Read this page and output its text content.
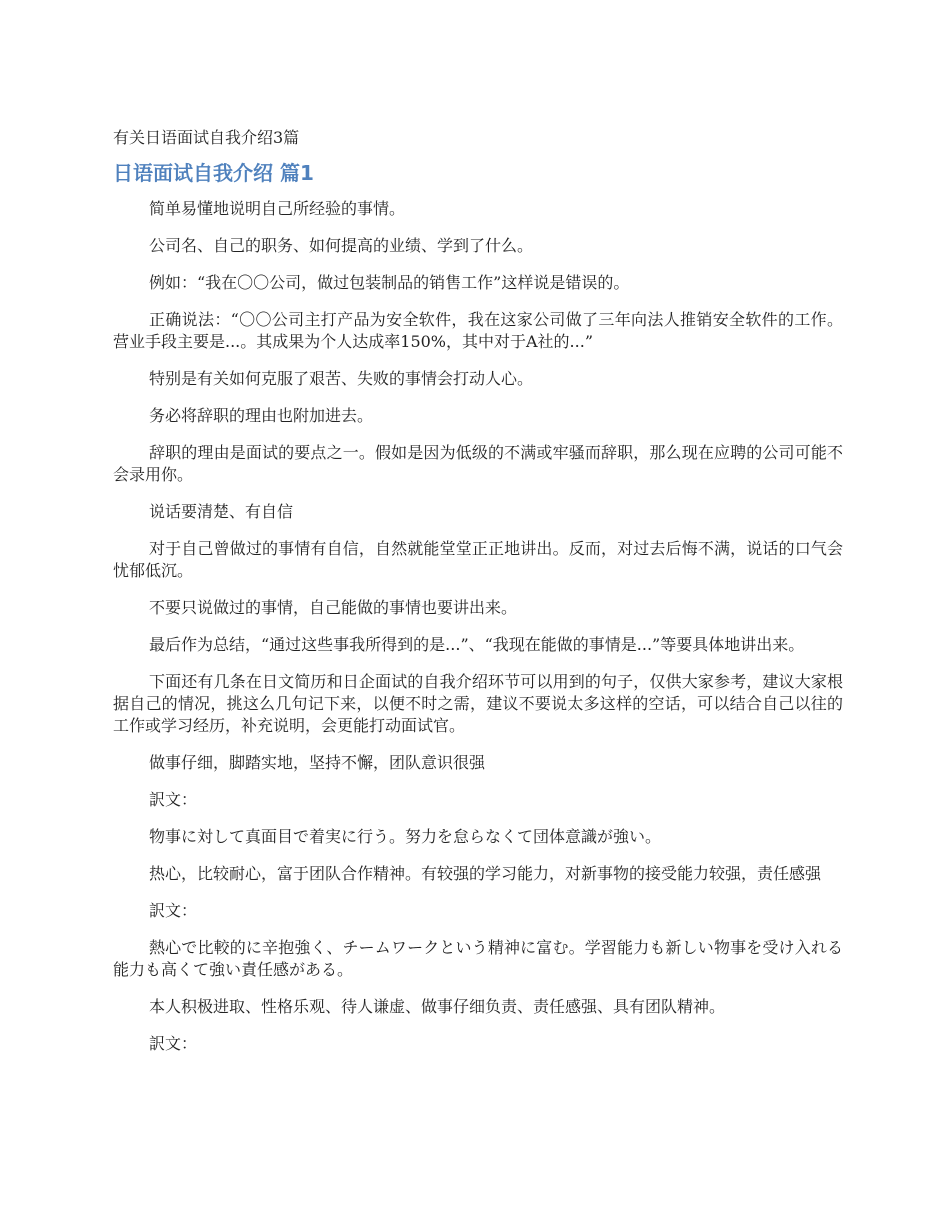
有关日语面试自我介绍3篇
日语面试自我介绍 篇1

简单易懂地说明自己所经验的事情。

公司名、自己的职务、如何提高的业绩、学到了什么。

例如：“我在〇〇公司，做过包装制品的销售工作”这样说是错误的。

正确说法：“〇〇公司主打产品为安全软件，我在这家公司做了三年向法人推销安全软件的工作。营业手段主要是...。其成果为个人达成率150%，其中对于A社的...”

特别是有关如何克服了艰苦、失败的事情会打动人心。

务必将辞职的理由也附加进去。

辞职的理由是面试的要点之一。假如是因为低级的不满或牢骚而辞职，那么现在应聘的公司可能不会录用你。

说话要清楚、有自信

对于自己曾做过的事情有自信，自然就能堂堂正正地讲出。反而，对过去后悔不满，说话的口气会忧郁低沉。

不要只说做过的事情，自己能做的事情也要讲出来。

最后作为总结，“通过这些事我所得到的是...”、“我现在能做的事情是...”等要具体地讲出来。

下面还有几条在日文简历和日企面试的自我介绍环节可以用到的句子，仅供大家参考，建议大家根据自己的情况，挑这么几句记下来，以便不时之需，建议不要说太多这样的空话，可以结合自己以往的工作或学习经历，补充说明，会更能打动面试官。

做事仔细，脚踏实地，坚持不懈，团队意识很强

訳文：

物事に対して真面目で着実に行う。努力を怠らなくて団体意識が強い。

热心，比较耐心，富于团队合作精神。有较强的学习能力，对新事物的接受能力较强，责任感强

訳文：

熱心で比較的に辛抱強く、チームワークという精神に富む。学習能力も新しい物事を受け入れる能力も高くて強い責任感がある。

本人积极进取、性格乐观、待人谦虚、做事仔细负责、责任感强、具有团队精神。

訳文：
